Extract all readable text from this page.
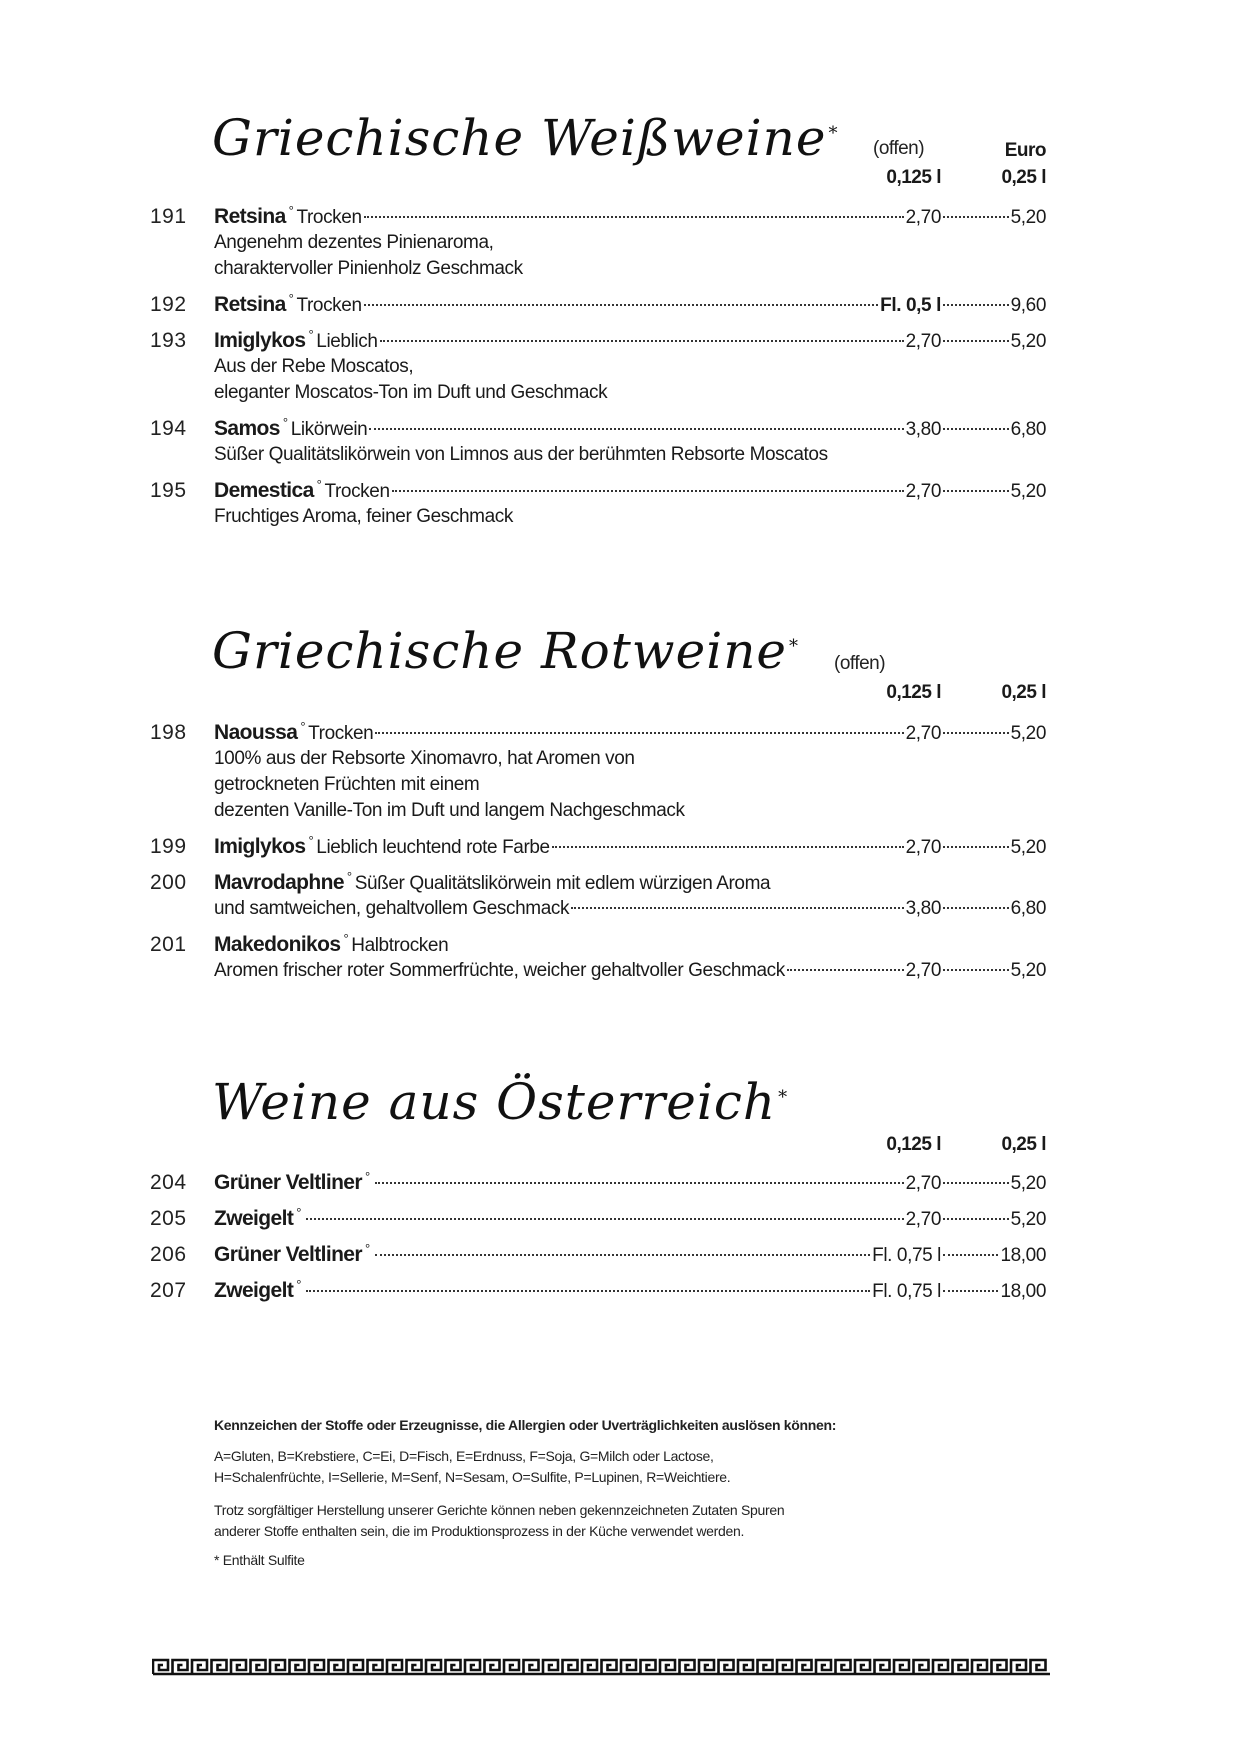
Griechische Weißweine *
(offen)	Euro
0,125 l	0,25 l
191	Retsina ° Trocken	2,70	5,20
Angenehm dezentes Pinienaroma,
charaktervoller Pinienholz Geschmack
192	Retsina ° Trocken	Fl. 0,5 l	9,60
193	Imiglykos ° Lieblich	2,70	5,20
Aus der Rebe Moscatos,
eleganter Moscatos-Ton im Duft und Geschmack
194	Samos ° Likörwein	3,80	6,80
Süßer Qualitätslikörwein von Limnos aus der berühmten Rebsorte Moscatos
195	Demestica ° Trocken	2,70	5,20
Fruchtiges Aroma, feiner Geschmack
Griechische Rotweine *
(offen)
0,125 l	0,25 l
198	Naoussa ° Trocken	2,70	5,20
100% aus der Rebsorte Xinomavro, hat Aromen von
getrockneten Früchten mit einem
dezenten Vanille-Ton im Duft und langem Nachgeschmack
199	Imiglykos ° Lieblich leuchtend rote Farbe	2,70	5,20
200	Mavrodaphne ° Süßer Qualitätslikörwein mit edlem würzigen Aroma
und samtweichen, gehaltvollem Geschmack	3,80	6,80
201	Makedonikos ° Halbtrocken
Aromen frischer roter Sommerfrüchte, weicher gehaltvoller Geschmack	2,70	5,20
Weine aus Österreich *
0,125 l	0,25 l
204	Grüner Veltliner °	2,70	5,20
205	Zweigelt °	2,70	5,20
206	Grüner Veltliner °	Fl. 0,75 l	18,00
207	Zweigelt °	Fl. 0,75 l	18,00

Kennzeichen der Stoffe oder Erzeugnisse, die Allergien oder Uverträglichkeiten auslösen können:

A=Gluten, B=Krebstiere, C=Ei, D=Fisch, E=Erdnuss, F=Soja, G=Milch oder Lactose,

H=Schalenfrüchte, I=Sellerie, M=Senf, N=Sesam, O=Sulfite, P=Lupinen, R=Weichtiere.

Trotz sorgfältiger Herstellung unserer Gerichte können neben gekennzeichneten Zutaten Spuren

anderer Stoffe enthalten sein, die im Produktionsprozess in der Küche verwendet werden.

* Enthält Sulfite
